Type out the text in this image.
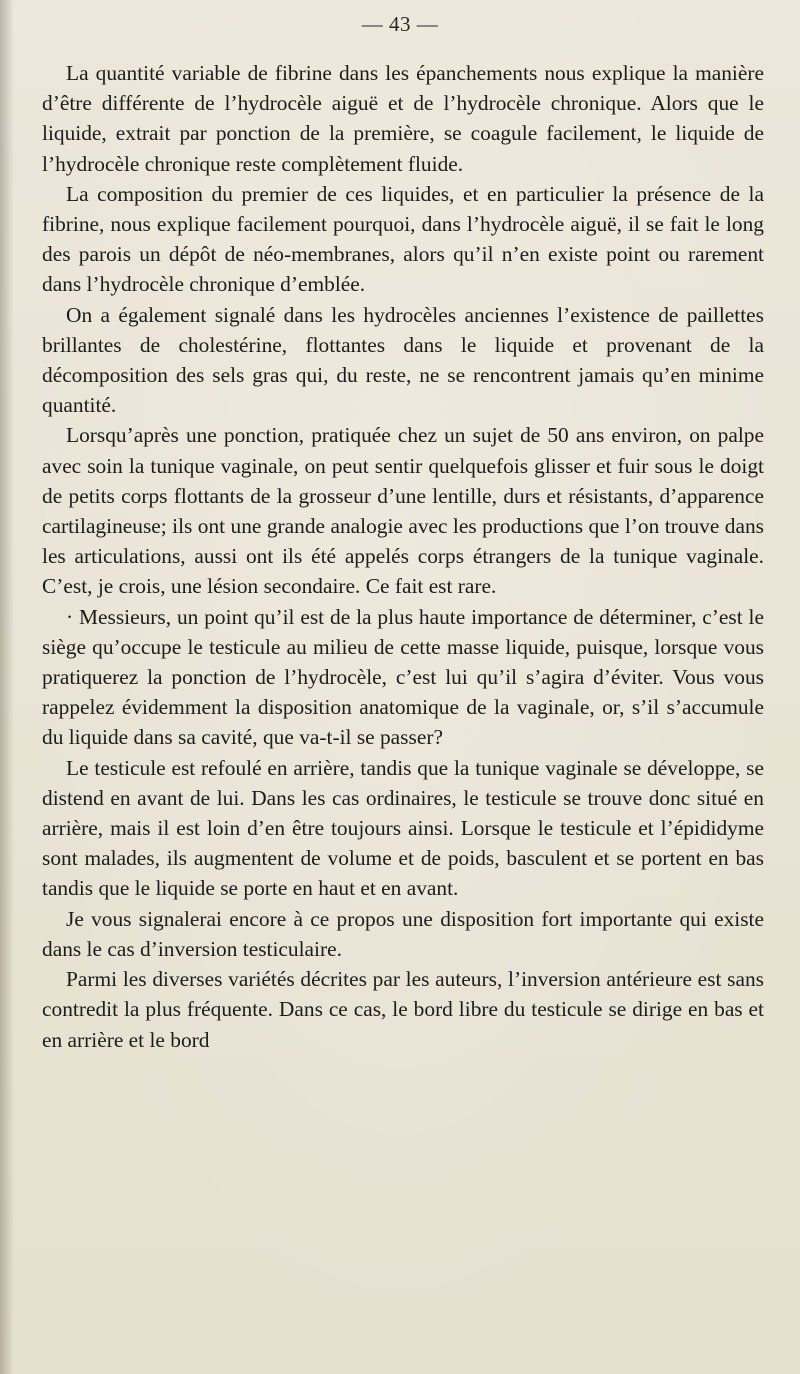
— 43 —

La quantité variable de fibrine dans les épanchements nous explique la manière d’être différente de l’hydrocèle aiguë et de l’hydrocèle chronique. Alors que le liquide, extrait par ponction de la première, se coagule facilement, le liquide de l’hydrocèle chronique reste complètement fluide.

La composition du premier de ces liquides, et en particulier la présence de la fibrine, nous explique facilement pourquoi, dans l’hydrocèle aiguë, il se fait le long des parois un dépôt de néo-membranes, alors qu’il n’en existe point ou rarement dans l’hydrocèle chronique d’emblée.

On a également signalé dans les hydrocèles anciennes l’existence de paillettes brillantes de cholestérine, flottantes dans le liquide et provenant de la décomposition des sels gras qui, du reste, ne se rencontrent jamais qu’en minime quantité.

Lorsqu’après une ponction, pratiquée chez un sujet de 50 ans environ, on palpe avec soin la tunique vaginale, on peut sentir quelquefois glisser et fuir sous le doigt de petits corps flottants de la grosseur d’une lentille, durs et résistants, d’apparence cartilagineuse; ils ont une grande analogie avec les productions que l’on trouve dans les articulations, aussi ont ils été appelés corps étrangers de la tunique vaginale. C’est, je crois, une lésion secondaire. Ce fait est rare.

· Messieurs, un point qu’il est de la plus haute importance de déterminer, c’est le siège qu’occupe le testicule au milieu de cette masse liquide, puisque, lorsque vous pratiquerez la ponction de l’hydrocèle, c’est lui qu’il s’agira d’éviter. Vous vous rappelez évidemment la disposition anatomique de la vaginale, or, s’il s’accumule du liquide dans sa cavité, que va-t-il se passer?

Le testicule est refoulé en arrière, tandis que la tunique vaginale se développe, se distend en avant de lui. Dans les cas ordinaires, le testicule se trouve donc situé en arrière, mais il est loin d’en être toujours ainsi. Lorsque le testicule et l’épididyme sont malades, ils augmentent de volume et de poids, basculent et se portent en bas tandis que le liquide se porte en haut et en avant.

Je vous signalerai encore à ce propos une disposition fort importante qui existe dans le cas d’inversion testiculaire.

Parmi les diverses variétés décrites par les auteurs, l’inversion antérieure est sans contredit la plus fréquente. Dans ce cas, le bord libre du testicule se dirige en bas et en arrière et le bord
